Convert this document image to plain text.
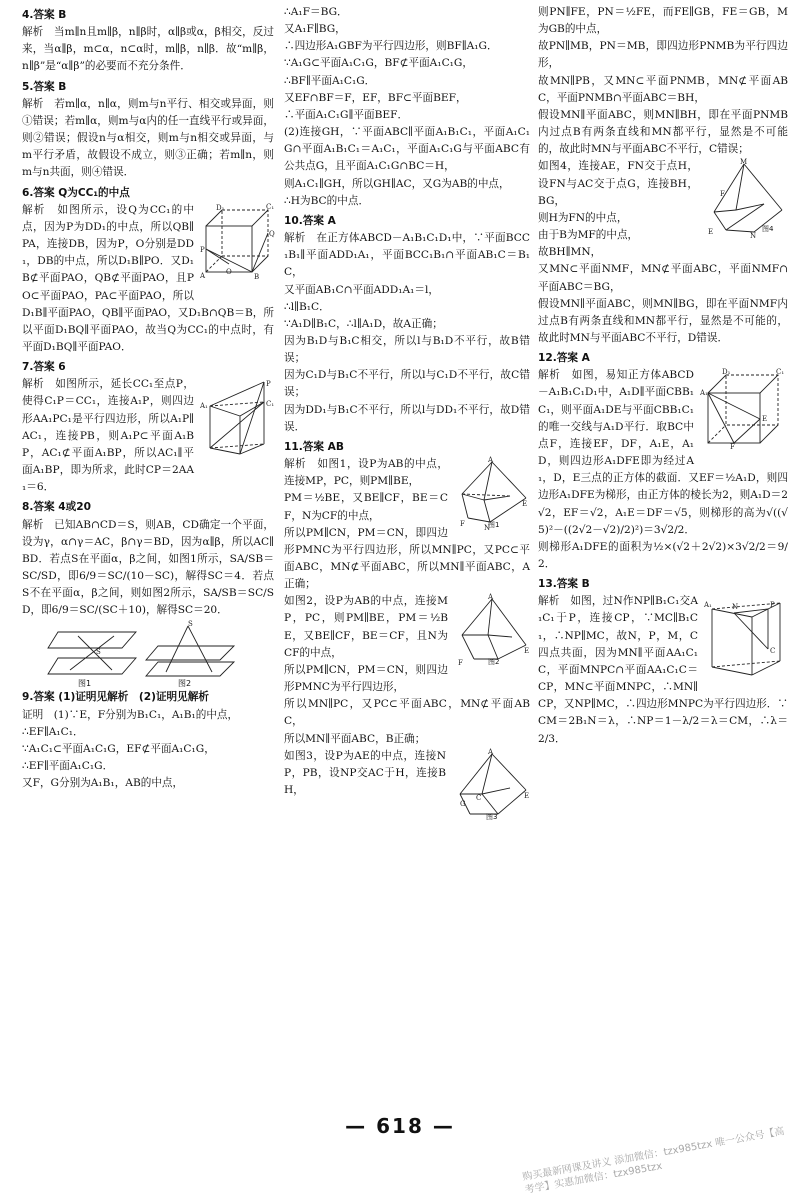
4.答案 B

解析　当m∥n且m∥β，n∥β时，α∥β或α，β相交，反过来，当α∥β，m⊂α，n⊂α时，m∥β，n∥β．故“m∥β，n∥β”是“α∥β”的必要而不充分条件．

5.答案 B

解析　若m∥α，n∥α，则m与n平行、相交或异面，则①错误；若m∥α，则m与α内的任一直线平行或异面，则②错误；假设n与α相交，则m与n相交或异面，与m平行矛盾，故假设不成立，则③正确；若m∥n，则m与n共面，则④错误．

6.答案 Q为CC₁的中点

D₁	C₁
P
Q
O
B
A

解析　如图所示，设Q为CC₁的中点，因为P为DD₁的中点，所以QB∥PA，连接DB，因为P，O分别是DD₁，DB的中点，所以D₁B∥PO．又D₁B⊄平面PAO，QB⊄平面PAO，且PO⊂平面PAO，PA⊂平面PAO，所以D₁B∥平面PAO，QB∥平面PAO，又D₁B∩QB＝B，所以平面D₁BQ∥平面PAO，故当Q为CC₁的中点时，有平面D₁BQ∥平面PAO．

7.答案 6

A₁
P
C₁

解析　如图所示，延长CC₁至点P，使得C₁P＝CC₁，连接A₁P，则四边形AA₁PC₁是平行四边形，所以A₁P∥AC₁，连接PB，则A₁P⊂平面A₁BP，AC₁⊄平面A₁BP，所以AC₁∥平面A₁BP，即为所求，此时CP＝2AA₁＝6．

8.答案 4或20

解析　已知AB∩CD＝S，则AB，CD确定一个平面，设为γ，α∩γ＝AC，β∩γ＝BD，因为α∥β，所以AC∥BD．若点S在平面α，β之间，如图1所示，SA/SB＝SC/SD，即6/9＝SC/(10－SC)，解得SC＝4．若点S不在平面α，β之间，则如图2所示，SA/SB＝SC/SD，即6/9＝SC/(SC＋10)，解得SC＝20．

S
S
图1	图2

9.答案 (1)证明见解析　(2)证明见解析

证明　(1)∵E，F分别为B₁C₁，A₁B₁的中点，

∴EF∥A₁C₁．

∵A₁C₁⊂平面A₁C₁G，EF⊄平面A₁C₁G，

∴EF∥平面A₁C₁G．

又F，G分别为A₁B₁，AB的中点，

∴A₁F＝BG．

又A₁F∥BG，

∴四边形A₁GBF为平行四边形，则BF∥A₁G．

∵A₁G⊂平面A₁C₁G，BF⊄平面A₁C₁G，

∴BF∥平面A₁C₁G．

又EF∩BF＝F，EF，BF⊂平面BEF，

∴平面A₁C₁G∥平面BEF．

(2)连接GH，∵平面ABC∥平面A₁B₁C₁，平面A₁C₁G∩平面A₁B₁C₁＝A₁C₁，平面A₁C₁G与平面ABC有公共点G，且平面A₁C₁G∩BC＝H，

则A₁C₁∥GH，所以GH∥AC，又G为AB的中点，

∴H为BC的中点．

10.答案 A

解析　在正方体ABCD－A₁B₁C₁D₁中，∵平面BCC₁B₁∥平面ADD₁A₁，平面BCC₁B₁∩平面AB₁C＝B₁C，

又平面AB₁C∩平面ADD₁A₁＝l，

∴l∥B₁C．

∵A₁D∥B₁C，∴l∥A₁D，故A正确；

因为B₁D与B₁C相交，所以l与B₁D不平行，故B错误；

因为C₁D与B₁C不平行，所以l与C₁D不平行，故C错误；

因为DD₁与B₁C不平行，所以l与DD₁不平行，故D错误．

11.答案 AB

A
E
N
F	图1

解析　如图1，设P为AB的中点，连接MP，PC，则PM∥BE，

PM＝½BE，又BE∥CF，BE＝CF，N为CF的中点，

所以PM∥CN，PM＝CN，即四边形PMNC为平行四边形，所以MN∥PC，又PC⊂平面ABC，MN⊄平面ABC，所以MN∥平面ABC，A正确；

A
E
F	图2

如图2，设P为AB的中点，连接MP，PC，则PM∥BE，PM＝½BE，又BE∥CF，BE＝CF，且N为CF的中点，

所以PM∥CN，PM＝CN，则四边形PMNC为平行四边形，

所以MN∥PC，又PC⊂平面ABC，MN⊄平面ABC，

所以MN∥平面ABC，B正确；

A
E
G
C
图3

如图3，设P为AE的中点，连接NP，PB，设NP交AC于H，连接BH，

则PN∥FE，PN＝½FE，而FE∥GB，FE＝GB，M为GB的中点，

故PN∥MB，PN＝MB，即四边形PNMB为平行四边形，

故MN∥PB，又MN⊂平面PNMB，MN⊄平面ABC，平面PNMB∩平面ABC＝BH，

假设MN∥平面ABC，则MN∥BH，即在平面PNMB内过点B有两条直线和MN都平行，显然是不可能的，故此时MN与平面ABC不平行，C错误；

M
F
E	N
图4

如图4，连接AE，FN交于点H，设FN与AC交于点G，连接BH，BG，

则H为FN的中点，

由于B为MF的中点，

故BH∥MN，

又MN⊂平面NMF，MN⊄平面ABC，平面NMF∩平面ABC＝BG，

假设MN∥平面ABC，则MN∥BG，即在平面NMF内过点B有两条直线和MN都平行，显然是不可能的，故此时MN与平面ABC不平行，D错误．

12.答案 A

D₁	C₁
A₁
E
F

解析　如图，易知正方体ABCD－A₁B₁C₁D₁中，A₁D∥平面CBB₁C₁，则平面A₁DE与平面CBB₁C₁的唯一交线与A₁D平行．取BC中点F，连接EF，DF，A₁E，A₁D，则四边形A₁DFE即为经过A₁，D，E三点的正方体的截面．又EF＝½A₁D，则四边形A₁DFE为梯形，由正方体的棱长为2，则A₁D＝2√2，EF＝√2，A₁E＝DF＝√5，则梯形的高为√((√5)²－((2√2－√2)/2)²)＝3√2/2．

则梯形A₁DFE的面积为½×(√2＋2√2)×3√2/2＝9/2．

13.答案 B

A₁	N	P
C

解析　如图，过N作NP∥B₁C₁交A₁C₁于P，连接CP，∵MC∥B₁C₁，∴NP∥MC，故N，P，M，C四点共面，因为MN∥平面AA₁C₁C，平面MNPC∩平面AA₁C₁C＝CP，MN⊂平面MNPC，∴MN∥CP，又NP∥MC，∴四边形MNPC为平行四边形．∵CM＝2B₁N＝λ，∴NP＝1－λ/2＝λ＝CM，∴λ＝2/3．

— 618 —
购买最新网课及讲义 添加微信：tzx985tzx 唯一公众号【高考学】实惠加微信：tzx985tzx
